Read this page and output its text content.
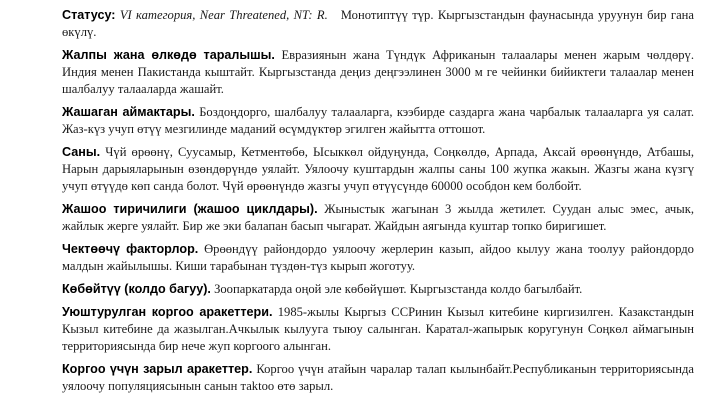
Статусу: VI категория, Near Threatened, NT: R. Монотиптүү түр. Кыргызстандын фаунасында уруунун бир гана өкүлү.

Жалпы жана өлкөдө таралышы. Евразиянын жана Түндүк Африканын талаалары менен жарым чөлдөрү. Индия менен Пакистанда кыштайт. Кыргызстанда деңиз деңгээлинен 3000 м ге чейинки бийиктеги талаалар менен шалбалуу талааларда жашайт.

Жашаган аймактары. Боздоңдорго, шалбалуу талааларга, кээбирде саздарга жана чарбалык талааларга уя салат. Жаз-күз учуп өтүү мезгилинде маданий өсүмдүктөр эгилген жайытта оттошот.

Саны. Чүй өрөөнү, Суусамыр, Кетментөбө, Ысыккөл ойдуңунда, Соңкөлдө, Арпада, Аксай өрөөнүндө, Атбашы, Нарын дарыяларынын өзөндөрүндө уялайт. Уялоочу куштардын жалпы саны 100 жупка жакын. Жазгы жана күзгү учуп өтүүдө көп санда болот. Чүй өрөөнүндө жазгы учуп өтүүсүндө 60000 особдон кем болбойт.

Жашоо тиричилиги (жашоо циклдары). Жыныстык жагынан 3 жылда жетилет. Суудан алыс эмес, ачык, жайлык жерге уялайт. Бир же эки балапан басып чыгарат. Жайдын аягында куштар топко биригишет.

Чектөөчү факторлор. Өрөөндүү райондордо уялоочу жерлерин казып, айдоо кылуу жана тоолуу райондордо малдын жайылышы. Киши тарабынан түздөн-түз кырып жоготуу.

Көбөйтүү (колдо багуу). Зоопаркатарда оңой эле көбөйүшөт. Кыргызстанда колдо багылбайт.

Уюштурулган коргоо аракеттери. 1985-жылы Кыргыз ССРинин Кызыл китебине киргизилген. Казакстандын Кызыл китебине да жазылган.Ачкылык кылууга тыюу салынган. Каратал-жапырык коругунун Соңкөл аймагынын территориясында бир нече жуп коргоого алынган.

Коргоо үчүн зарыл аракеттер. Коргоо үчүн атайын чаралар талап кылынбайт.Республиканын территориясында уялоочу популяциясынын санын таktoo өтө зарыл.
